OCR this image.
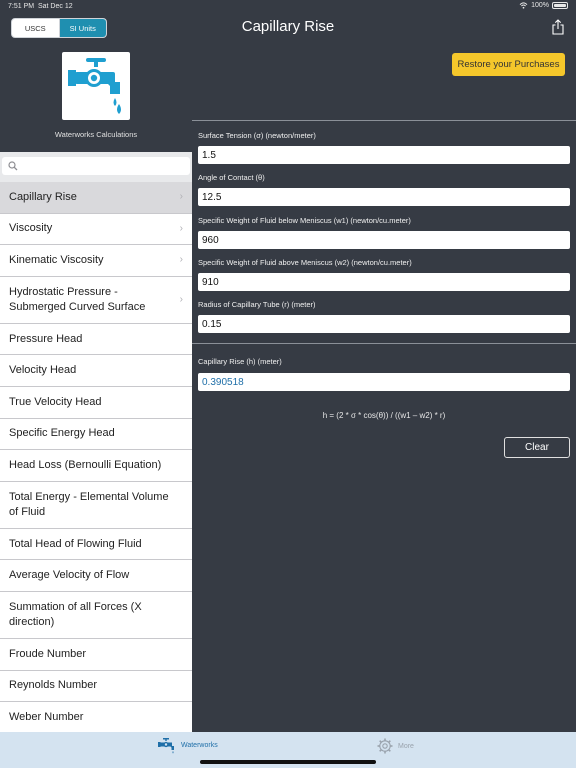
7:51 PM Sat Dec 12	100%
USCS	SI Units	Capillary Rise
Waterworks Calculations
Capillary Rise	›
Viscosity	›
Kinematic Viscosity	›
Hydrostatic Pressure - Submerged Curved Surface
›
Pressure Head
Velocity Head
True Velocity Head
Specific Energy Head
Head Loss (Bernoulli Equation)
Total Energy - Elemental Volume of Fluid
Total Head of Flowing Fluid
Average Velocity of Flow
Summation of all Forces (X direction)
Froude Number
Reynolds Number
Weber Number
Restore your Purchases
Surface Tension (σ) (newton/meter)
1.5
Angle of Contact (θ)
12.5
Specific Weight of Fluid below Meniscus (w1) (newton/cu.meter)
960
Specific Weight of Fluid above Meniscus (w2) (newton/cu.meter)
910
Radius of Capillary Tube (r) (meter)
0.15
Capillary Rise (h) (meter)
0.390518
h = (2 * σ * cos(θ)) / ((w1 – w2) * r)
Clear
Waterworks	More
